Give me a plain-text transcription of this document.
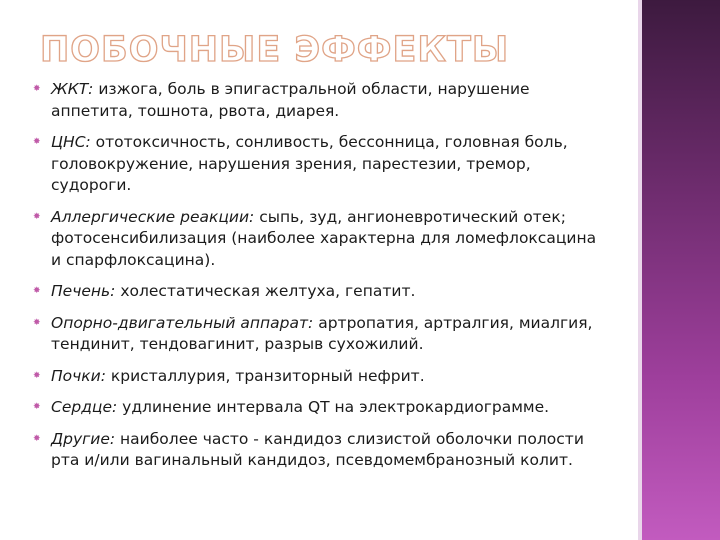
ПОБОЧНЫЕ ЭФФЕКТЫ
✸ ЖКТ: изжога, боль в эпигастральной области, нарушение аппетита, тошнота, рвота, диарея.
✸ ЦНС: ототоксичность, сонливость, бессонница, головная боль, головокружение, нарушения зрения, парестезии, тремор, судороги.
✸ Аллергические реакции: сыпь, зуд, ангионевротический отек; фотосенсибилизация (наиболее характерна для ломефлоксацина и спарфлоксацина).
✸ Печень: холестатическая желтуха, гепатит.
✸ Опорно-двигательный аппарат: артропатия, артралгия, миалгия, тендинит, тендовагинит, разрыв сухожилий.
✸ Почки: кристаллурия, транзиторный нефрит.
✸ Сердце: удлинение интервала QT на электрокардиограмме.
✸ Другие: наиболее часто - кандидоз слизистой оболочки полости рта и/или вагинальный кандидоз, псевдомембранозный колит.
